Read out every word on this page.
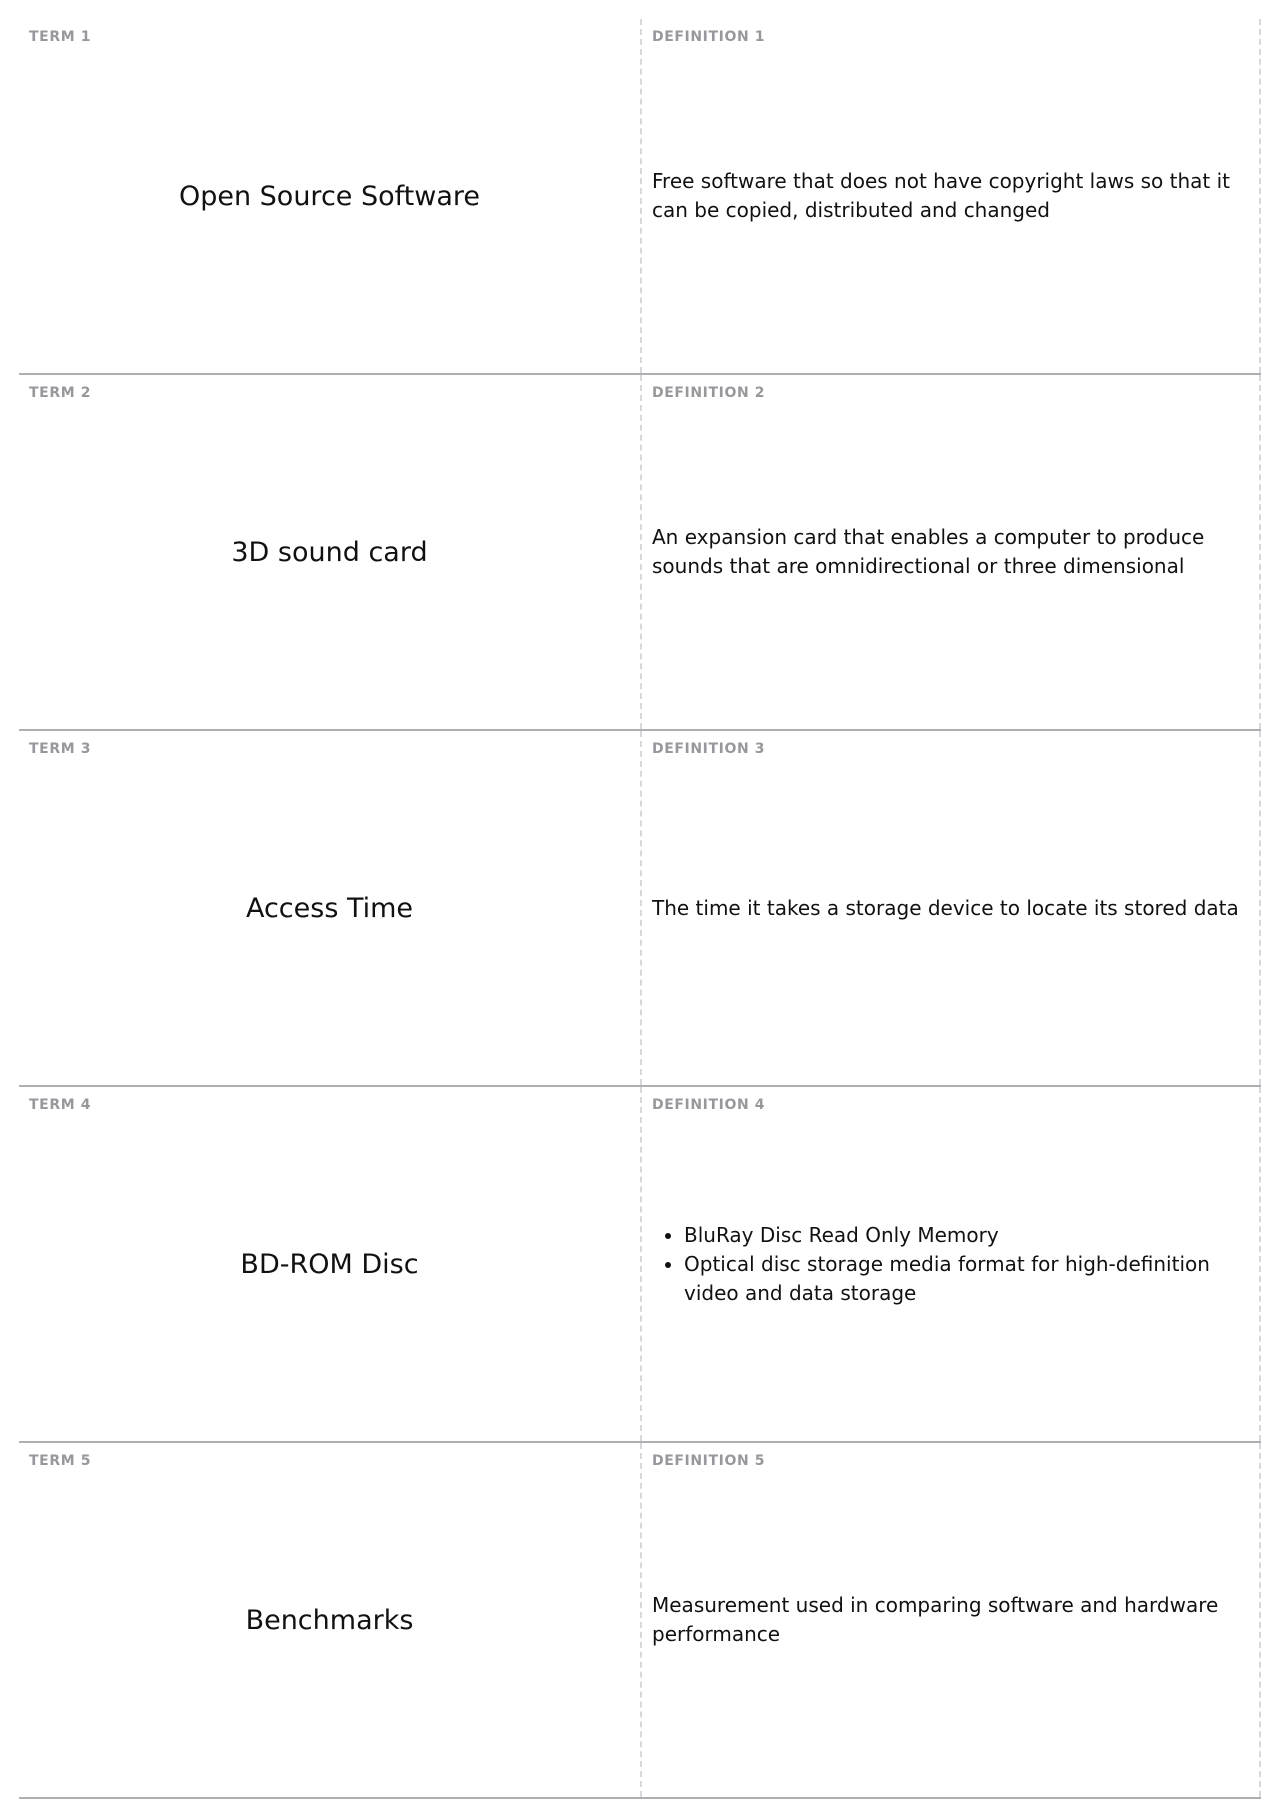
TERM 1
Open Source Software
DEFINITION 1
Free software that does not have copyright laws so that it can be copied, distributed and changed
TERM 2
3D sound card
DEFINITION 2
An expansion card that enables a computer to produce sounds that are omnidirectional or three dimensional
TERM 3
Access Time
DEFINITION 3
The time it takes a storage device to locate its stored data
TERM 4
BD-ROM Disc
DEFINITION 4
• BluRay Disc Read Only Memory
• Optical disc storage media format for high-definition video and data storage
TERM 5
Benchmarks
DEFINITION 5
Measurement used in comparing software and hardware performance
